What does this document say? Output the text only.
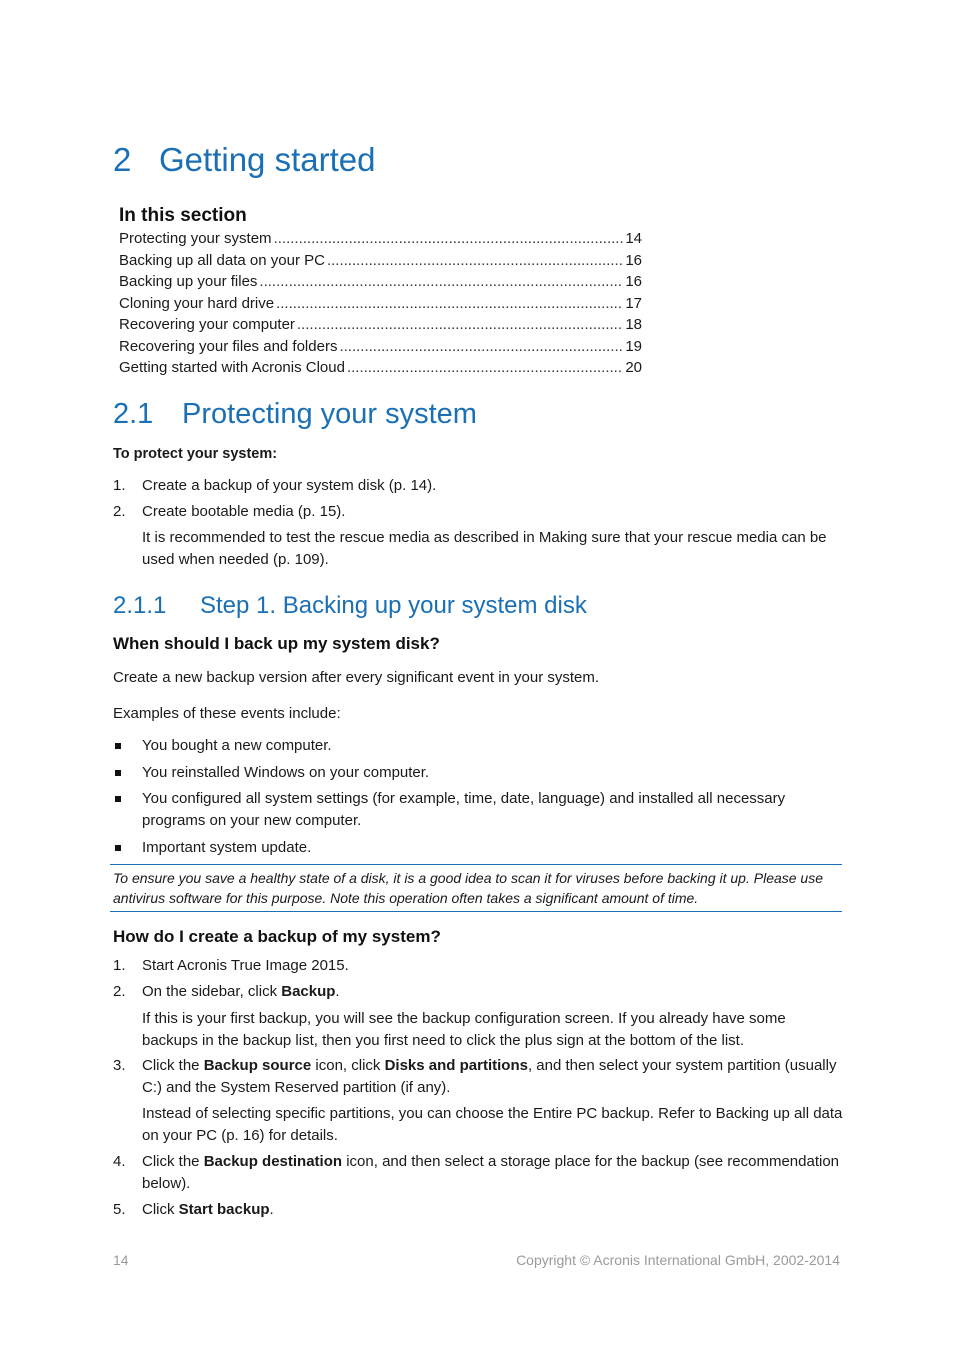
2 Getting started
In this section
Protecting your system .....	14
Backing up all data on your PC .....	16
Backing up your files .....	16
Cloning your hard drive .....	17
Recovering your computer .....	18
Recovering your files and folders .....	19
Getting started with Acronis Cloud .....	20
2.1 Protecting your system
To protect your system:
1. Create a backup of your system disk (p. 14).
2. Create bootable media (p. 15).
It is recommended to test the rescue media as described in Making sure that your rescue media can be used when needed (p. 109).
2.1.1 Step 1. Backing up your system disk
When should I back up my system disk?
Create a new backup version after every significant event in your system.
Examples of these events include:
You bought a new computer.
You reinstalled Windows on your computer.
You configured all system settings (for example, time, date, language) and installed all necessary programs on your new computer.
Important system update.
To ensure you save a healthy state of a disk, it is a good idea to scan it for viruses before backing it up. Please use antivirus software for this purpose. Note this operation often takes a significant amount of time.
How do I create a backup of my system?
1. Start Acronis True Image 2015.
2. On the sidebar, click Backup.
If this is your first backup, you will see the backup configuration screen. If you already have some backups in the backup list, then you first need to click the plus sign at the bottom of the list.
3. Click the Backup source icon, click Disks and partitions, and then select your system partition (usually C:) and the System Reserved partition (if any).
Instead of selecting specific partitions, you can choose the Entire PC backup. Refer to Backing up all data on your PC (p. 16) for details.
4. Click the Backup destination icon, and then select a storage place for the backup (see recommendation below).
5. Click Start backup.
14	Copyright © Acronis International GmbH, 2002-2014
